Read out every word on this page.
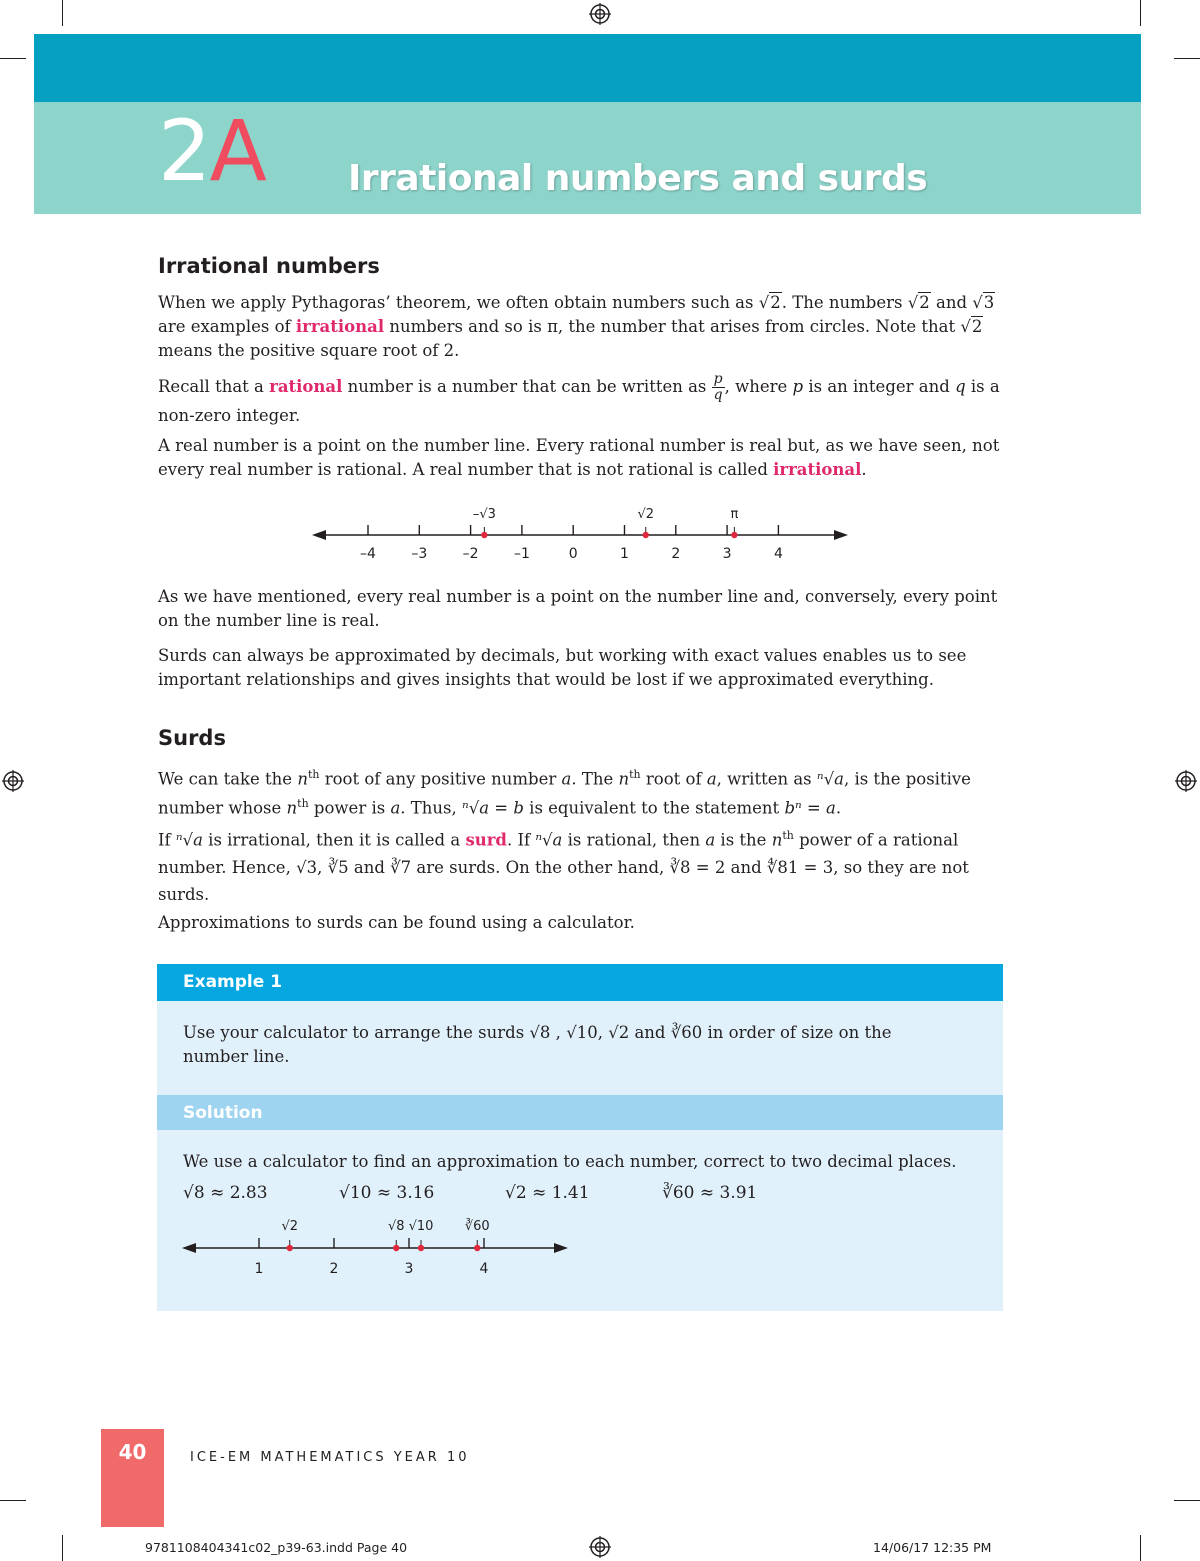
2A Irrational numbers and surds
Irrational numbers

When we apply Pythagoras’ theorem, we often obtain numbers such as √2. The numbers √2 and √3
are examples of irrational numbers and so is π, the number that arises from circles. Note that √2
means the positive square root of 2.

Recall that a rational number is a number that can be written as $\frac{p}{q}$ , where p is an integer and q is a
non-zero integer.

A real number is a point on the number line. Every rational number is real but, as we have seen, not
every real number is rational. A real number that is not rational is called irrational.

–4	–3	–2	–1	0	1	2	3	4
–√3	√2	π

As we have mentioned, every real number is a point on the number line and, conversely, every point
on the number line is real.

Surds can always be approximated by decimals, but working with exact values enables us to see
important relationships and gives insights that would be lost if we approximated everything.

Surds

We can take the $n^{th}$ root of any positive number a. The $n^{th}$ root of a, written as ⁿ√a, is the positive
number whose $n^{th}$ power is a. Thus, ⁿ√a = b is equivalent to the statement bⁿ = a.

If ⁿ√a is irrational, then it is called a surd. If ⁿ√a is rational, then a is the $n^{th}$ power of a rational
number. Hence, √3, ∛5 and ∛7 are surds. On the other hand, ∛8 = 2 and ∜81 = 3, so they are not
surds.

Approximations to surds can be found using a calculator.

Example 1

Use your calculator to arrange the surds √8 , √10, √2 and ∛60 in order of size on the
number line.

Solution

We use a calculator to find an approximation to each number, correct to two decimal places.

√8 ≈ 2.83	√10 ≈ 3.16	√2 ≈ 1.41	∛60 ≈ 3.91
1	2	3	4
√2	√8 √10 ∛60
40	ICE-EM MATHEMATICS YEAR 10
9781108404341c02_p39-63.indd Page 40	14/06/17 12:35 PM
